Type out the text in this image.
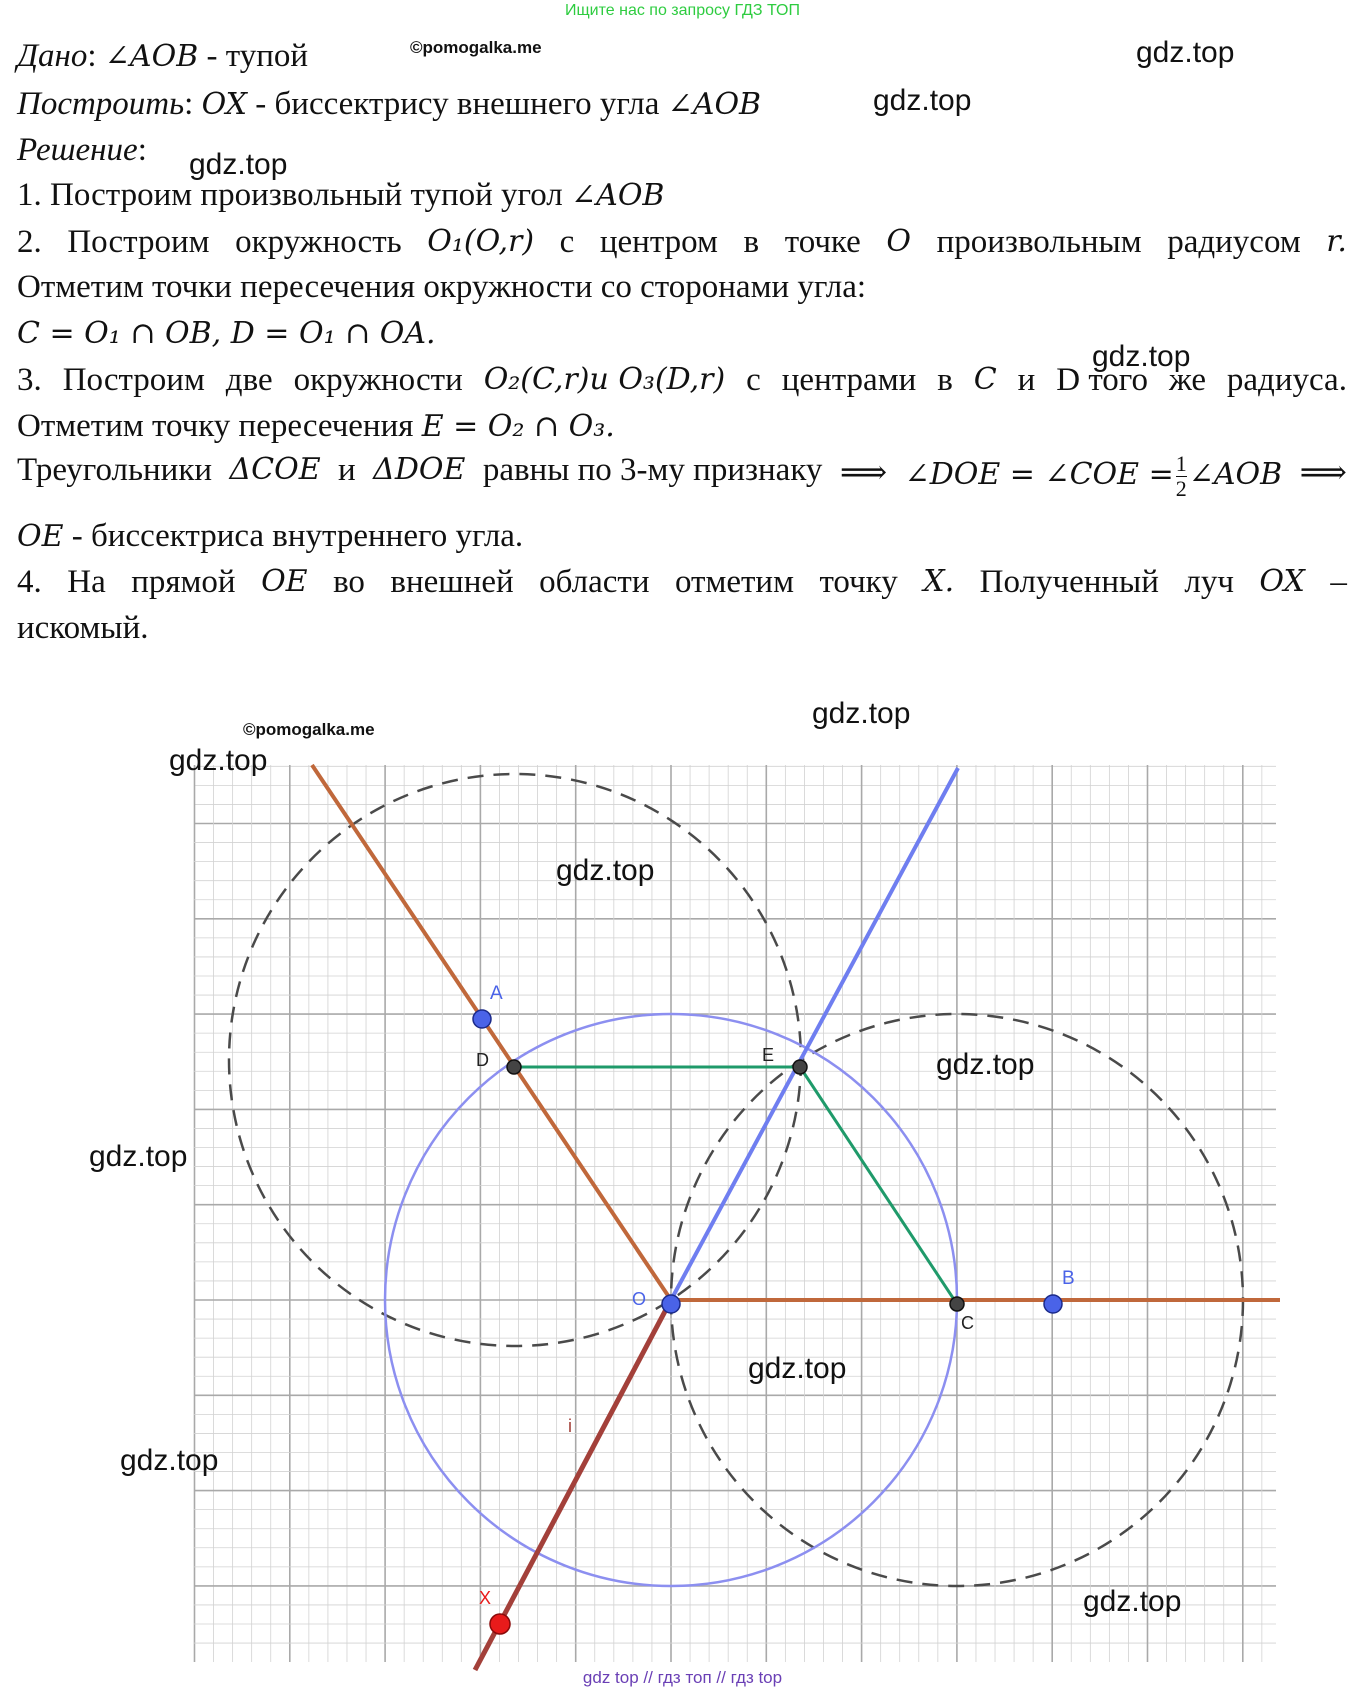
Ищите нас по запросу ГДЗ ТОП
Дано: ∠AOB - тупой
Построить: OX - биссектрису внешнего угла ∠AOB
Решение:
1. Построим произвольный тупой угол ∠AOB
2. Построим окружность O₁(O,r) с центром в точке O произвольным радиусом r.
Отметим точки пересечения окружности со сторонами угла:
C = O₁ ∩ OB, D = O₁ ∩ OA.
3. Построим две окружности O₂(C,r)и O₃(D,r) с центрами в C и D того же радиуса.
Отметим точку пересечения E = O₂ ∩ O₃.
Треугольники ΔCOE и ΔDOE равны по 3-му признаку ⟹ ∠DOE = ∠COE = $\frac{1}{2}$ ∠AOB ⟹
OE - биссектриса внутреннего угла.
4. На прямой OE во внешней области отметим точку X. Полученный луч OX –
искомый.
A
B
C
D	E
O
X
i
©pomogalka.me
©pomogalka.me
gdz.top
gdz.top
gdz.top
gdz.top
gdz.top
gdz.top
gdz.top
gdz.top
gdz.top
gdz.top
gdz.top
gdz.top
gdz top // гдз топ // гдз top
